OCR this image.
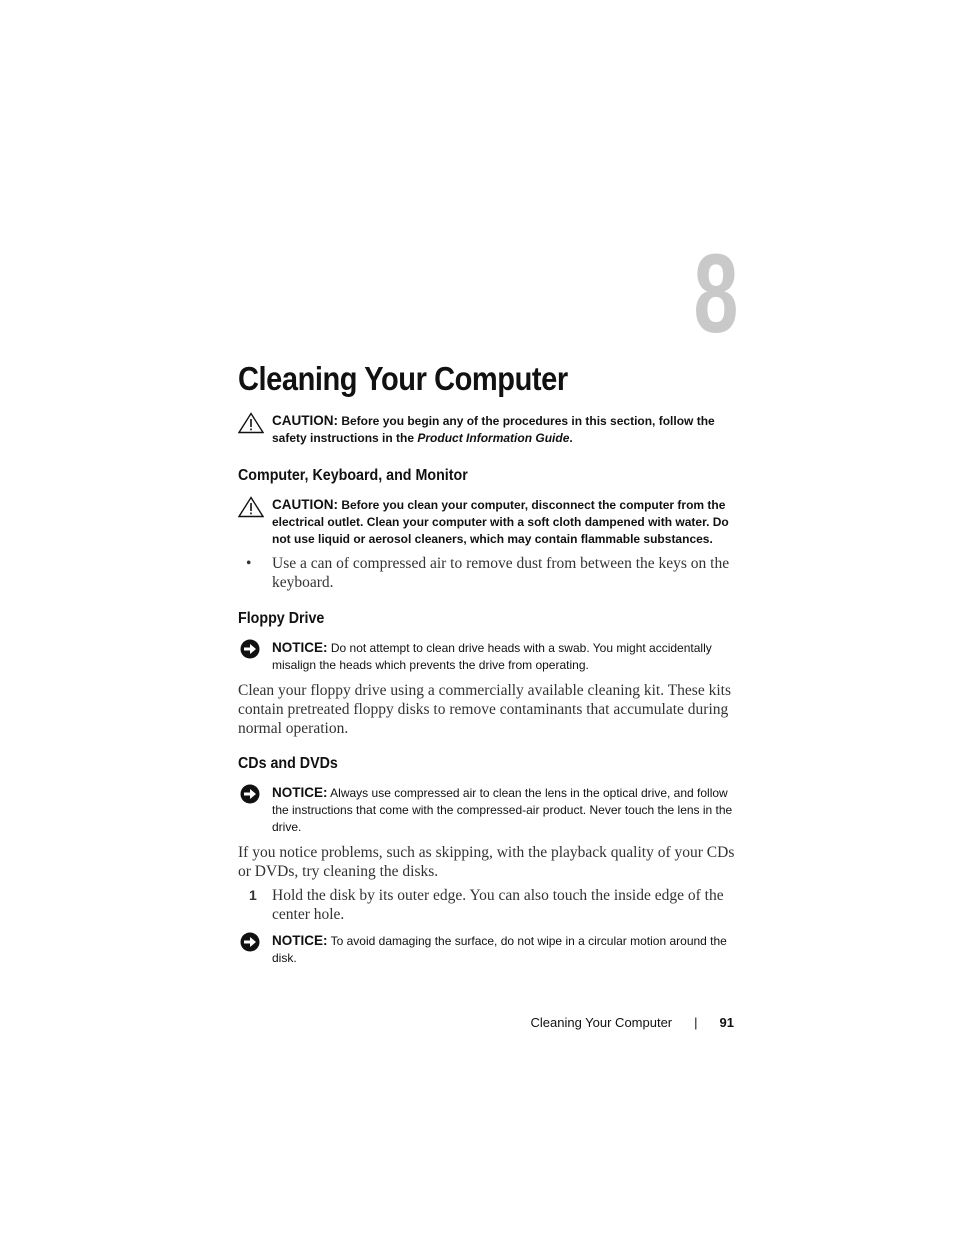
8
Cleaning Your Computer
CAUTION: Before you begin any of the procedures in this section, follow the safety instructions in the Product Information Guide.
Computer, Keyboard, and Monitor
CAUTION: Before you clean your computer, disconnect the computer from the electrical outlet. Clean your computer with a soft cloth dampened with water. Do not use liquid or aerosol cleaners, which may contain flammable substances.
• Use a can of compressed air to remove dust from between the keys on the keyboard.
Floppy Drive
NOTICE: Do not attempt to clean drive heads with a swab. You might accidentally misalign the heads which prevents the drive from operating.
Clean your floppy drive using a commercially available cleaning kit. These kits contain pretreated floppy disks to remove contaminants that accumulate during normal operation.
CDs and DVDs
NOTICE: Always use compressed air to clean the lens in the optical drive, and follow the instructions that come with the compressed-air product. Never touch the lens in the drive.
If you notice problems, such as skipping, with the playback quality of your CDs or DVDs, try cleaning the disks.
1 Hold the disk by its outer edge. You can also touch the inside edge of the center hole.
NOTICE: To avoid damaging the surface, do not wipe in a circular motion around the disk.
Cleaning Your Computer | 91
